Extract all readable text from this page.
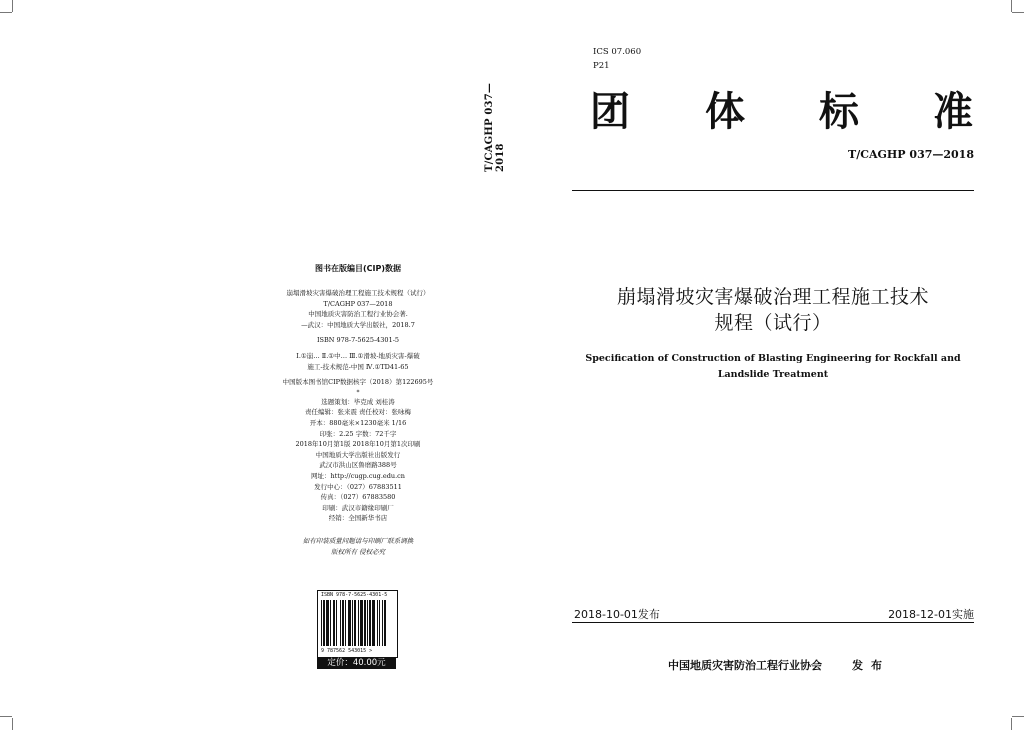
T/CAGHP 037—2018
图书在版编目(CIP)数据
崩塌滑坡灾害爆破治理工程施工技术规程（试行）
T/CAGHP 037—2018
中国地质灾害防治工程行业协会著.
—武汉：中国地质大学出版社，2018.7
ISBN 978-7-5625-4301-5
Ⅰ.①崩… Ⅱ.①中… Ⅲ.①滑坡-地质灾害-爆破
施工-技术规范-中国 Ⅳ.①TD41-65
中国版本图书馆CIP数据核字（2018）第122695号
*
选题策划：毕克成 刘桂涛
责任编辑：张来震 责任校对：张咏梅
开本：880毫米×1230毫米 1/16
印张：2.25 字数：72千字
2018年10月第1版 2018年10月第1次印刷
中国地质大学出版社出版发行
武汉市洪山区鲁磨路388号
网址：http://cugp.cug.edu.cn
发行中心：（027）67883511
传真：（027）67883580
印刷：武汉市籍缘印刷厂
经销：全国新华书店
如有印装质量问题请与印刷厂联系调换
版权所有 侵权必究
ISBN 978-7-5625-4301-5
9 787562 543015 >
定价：40.00元
ICS 07.060
P21
团 体 标 准
T/CAGHP 037—2018
崩塌滑坡灾害爆破治理工程施工技术
规程（试行）
Specification of Construction of Blasting Engineering for Rockfall and
Landslide Treatment
2018-10-01发布	2018-12-01实施
中国地质灾害防治工程行业协会	发布
